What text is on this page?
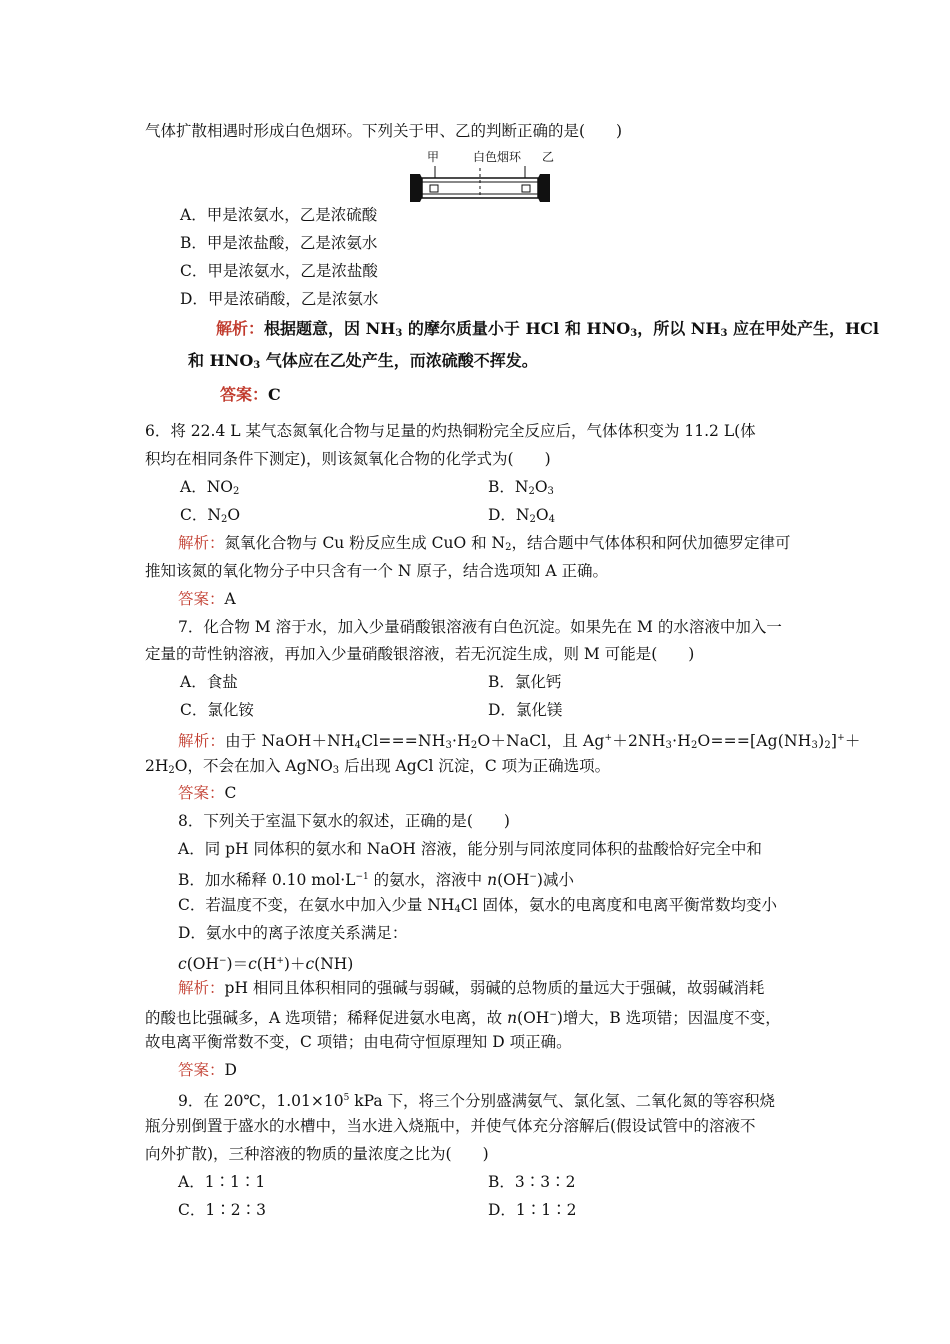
气体扩散相遇时形成白色烟环。下列关于甲、乙的判断正确的是(　　)
甲	白色烟环 乙
A．甲是浓氨水，乙是浓硫酸
B．甲是浓盐酸，乙是浓氨水
C．甲是浓氨水，乙是浓盐酸
D．甲是浓硝酸，乙是浓氨水
解析：根据题意，因 $NH_3$ 的摩尔质量小于 HCl 和 $HNO_3$，所以 $NH_3$ 应在甲处产生，HCl
和 $HNO_3$ 气体应在乙处产生，而浓硫酸不挥发。
答案：C
6．将 22.4 L 某气态氮氧化合物与足量的灼热铜粉完全反应后，气体体积变为 11.2 L(体
积均在相同条件下测定)，则该氮氧化合物的化学式为(　　)
A．$NO_2$	B．$N_2O_3$
C．$N_2O$	D．$N_2O_4$
解析：氮氧化合物与 Cu 粉反应生成 CuO 和 $N_2$，结合题中气体体积和阿伏加德罗定律可
推知该氮的氧化物分子中只含有一个 N 原子，结合选项知 A 正确。
答案：A
7．化合物 M 溶于水，加入少量硝酸银溶液有白色沉淀。如果先在 M 的水溶液中加入一
定量的苛性钠溶液，再加入少量硝酸银溶液，若无沉淀生成，则 M 可能是(　　)
A．食盐	B．氯化钙
C．氯化铵	D．氯化镁
解析：由于 $NaOH+NH_4Cl===NH_3\cdot H_2O+NaCl$，且 $Ag^++2NH_3\cdot H_2O===[Ag(NH_3)_2]^++$
$2H_2O$，不会在加入 AgNO$_3$ 后出现 AgCl 沉淀，C 项为正确选项。
答案：C
8．下列关于室温下氨水的叙述，正确的是(　　)
A．同 pH 同体积的氨水和 NaOH 溶液，能分别与同浓度同体积的盐酸恰好完全中和
B．加水稀释 0.10 $mol\cdot L^{-1}$ 的氨水，溶液中 n(OH−)减小
C．若温度不变，在氨水中加入少量 $NH_4Cl$ 固体，氨水的电离度和电离平衡常数均变小
D．氨水中的离子浓度关系满足：
c(OH−)＝c(H+)＋c(NH)
解析：pH 相同且体积相同的强碱与弱碱，弱碱的总物质的量远大于强碱，故弱碱消耗
的酸也比强碱多，A 选项错；稀释促进氨水电离，故 n(OH−)增大，B 选项错；因温度不变，
故电离平衡常数不变，C 项错；由电荷守恒原理知 D 项正确。
答案：D
9．在 20℃，$1.01\times 10^5$ kPa 下，将三个分别盛满氨气、氯化氢、二氧化氮的等容积烧
瓶分别倒置于盛水的水槽中，当水进入烧瓶中，并使气体充分溶解后(假设试管中的溶液不
向外扩散)，三种溶液的物质的量浓度之比为(　　)
A．1∶1∶1	B．3∶3∶2
C．1∶2∶3	D．1∶1∶2
